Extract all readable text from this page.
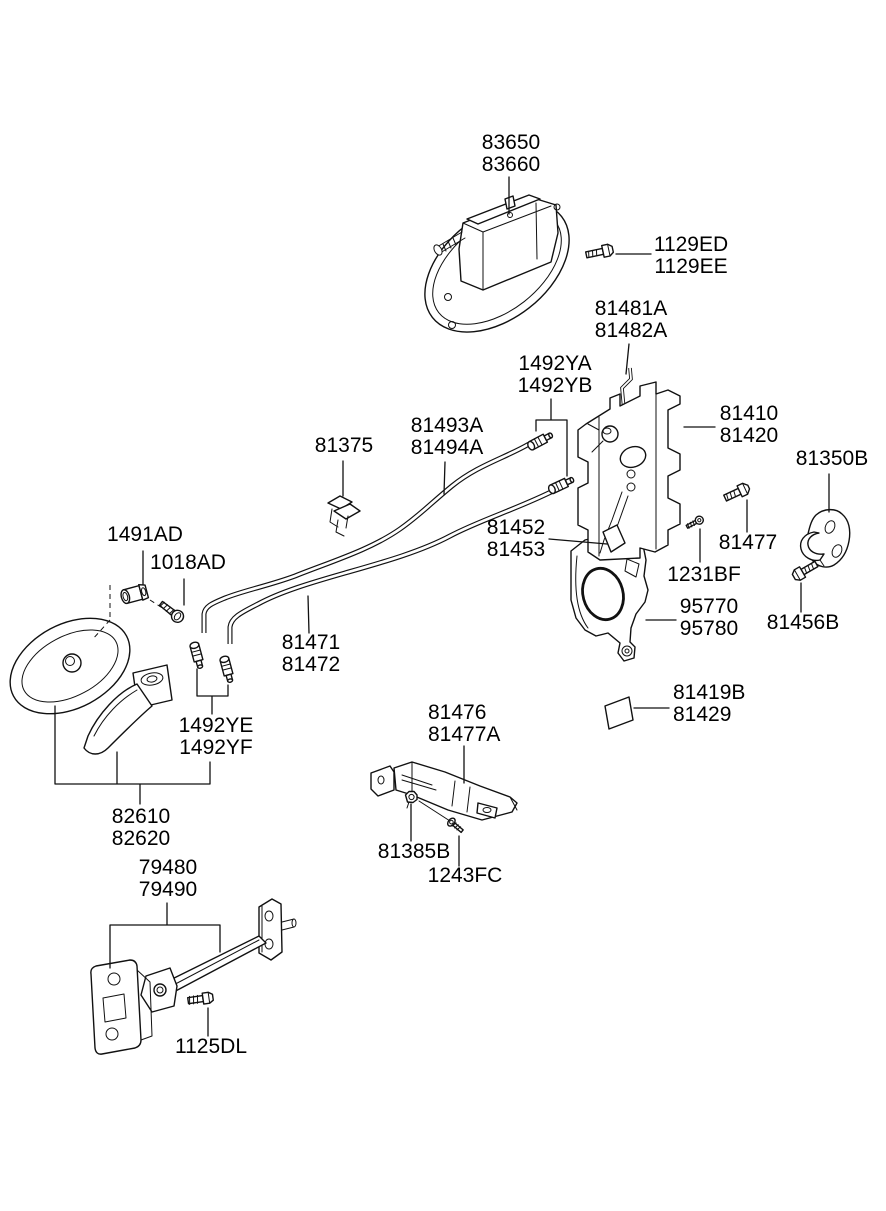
83650
83660
1129ED
1129EE
81481A
81482A
1492YA
1492YB
81410
81420
81493A
81494A
81375
81350B
81452
81453	81477
1491AD
1018AD
1231BF
95770
95780 81456B
81471
81472
81419B
81429
1492YE
1492YF
81476
81477A
82610
82620
81385B
1243FC
79480
79490
1125DL
